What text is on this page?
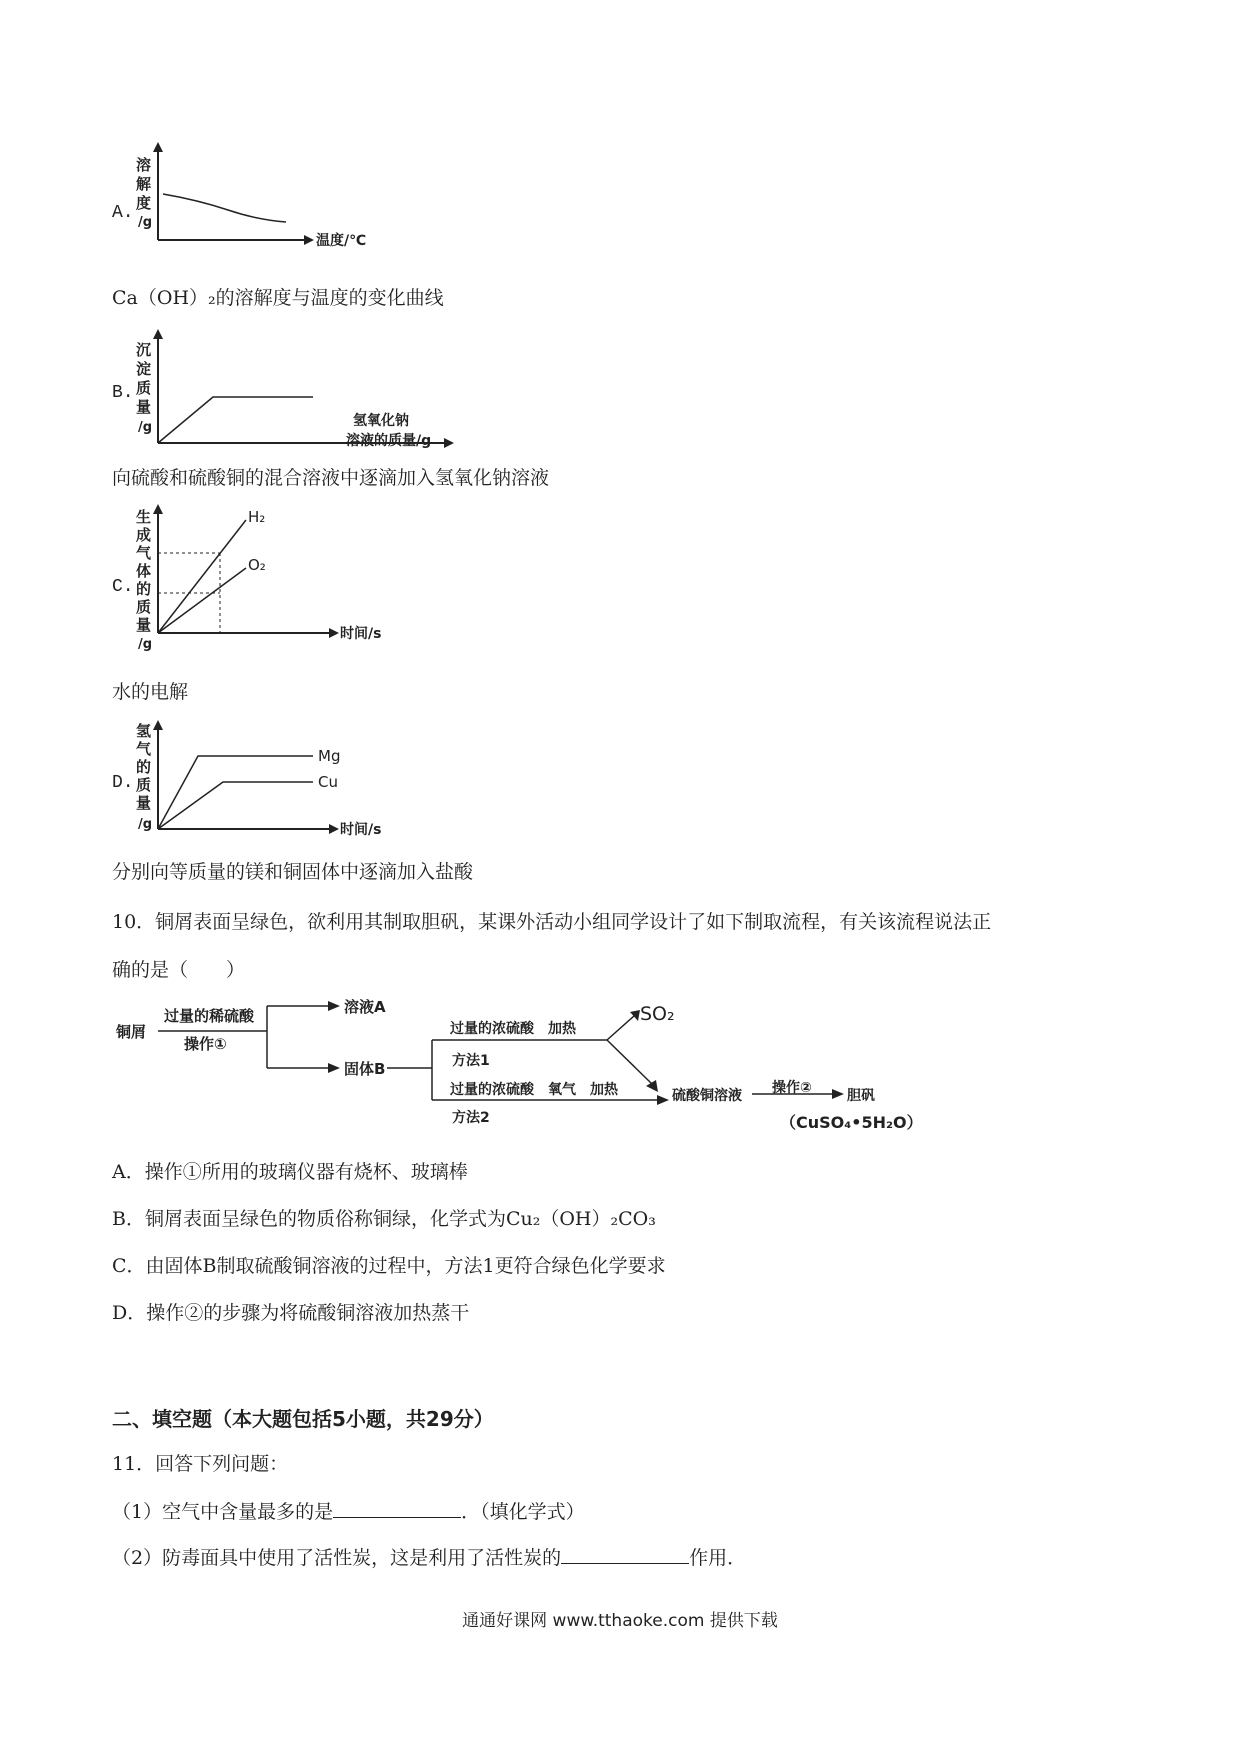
A.
溶
解
度
/g
温度/℃
Ca（OH）₂的溶解度与温度的变化曲线
B.
沉
淀
质
量
/g	氢氧化钠
溶液的质量/g
向硫酸和硫酸铜的混合溶液中逐滴加入氢氧化钠溶液
C.
生
成
气
体
的
质
量
/g
H₂
O₂
时间/s
水的电解
D.
氢
气
的
质
量
/g
Mg
Cu
时间/s
分别向等质量的镁和铜固体中逐滴加入盐酸
10．铜屑表面呈绿色，欲利用其制取胆矾，某课外活动小组同学设计了如下制取流程，有关该流程说法正
确的是（　　）
铜屑
过量的稀硫酸
操作①
溶液A
固体B
过量的浓硫酸　加热
方法1
过量的浓硫酸　氧气　加热
方法2
硫酸铜溶液 操作②	胆矾
SO₂
（CuSO₄•5H₂O）
A．操作①所用的玻璃仪器有烧杯、玻璃棒
B．铜屑表面呈绿色的物质俗称铜绿，化学式为Cu₂（OH）₂CO₃
C．由固体B制取硫酸铜溶液的过程中，方法1更符合绿色化学要求
D．操作②的步骤为将硫酸铜溶液加热蒸干
二、填空题（本大题包括5小题，共29分）
11．回答下列问题：
（1）空气中含量最多的是	．（填化学式）
（2）防毒面具中使用了活性炭，这是利用了活性炭的	作用．
通通好课网 www.tthaoke.com 提供下载
